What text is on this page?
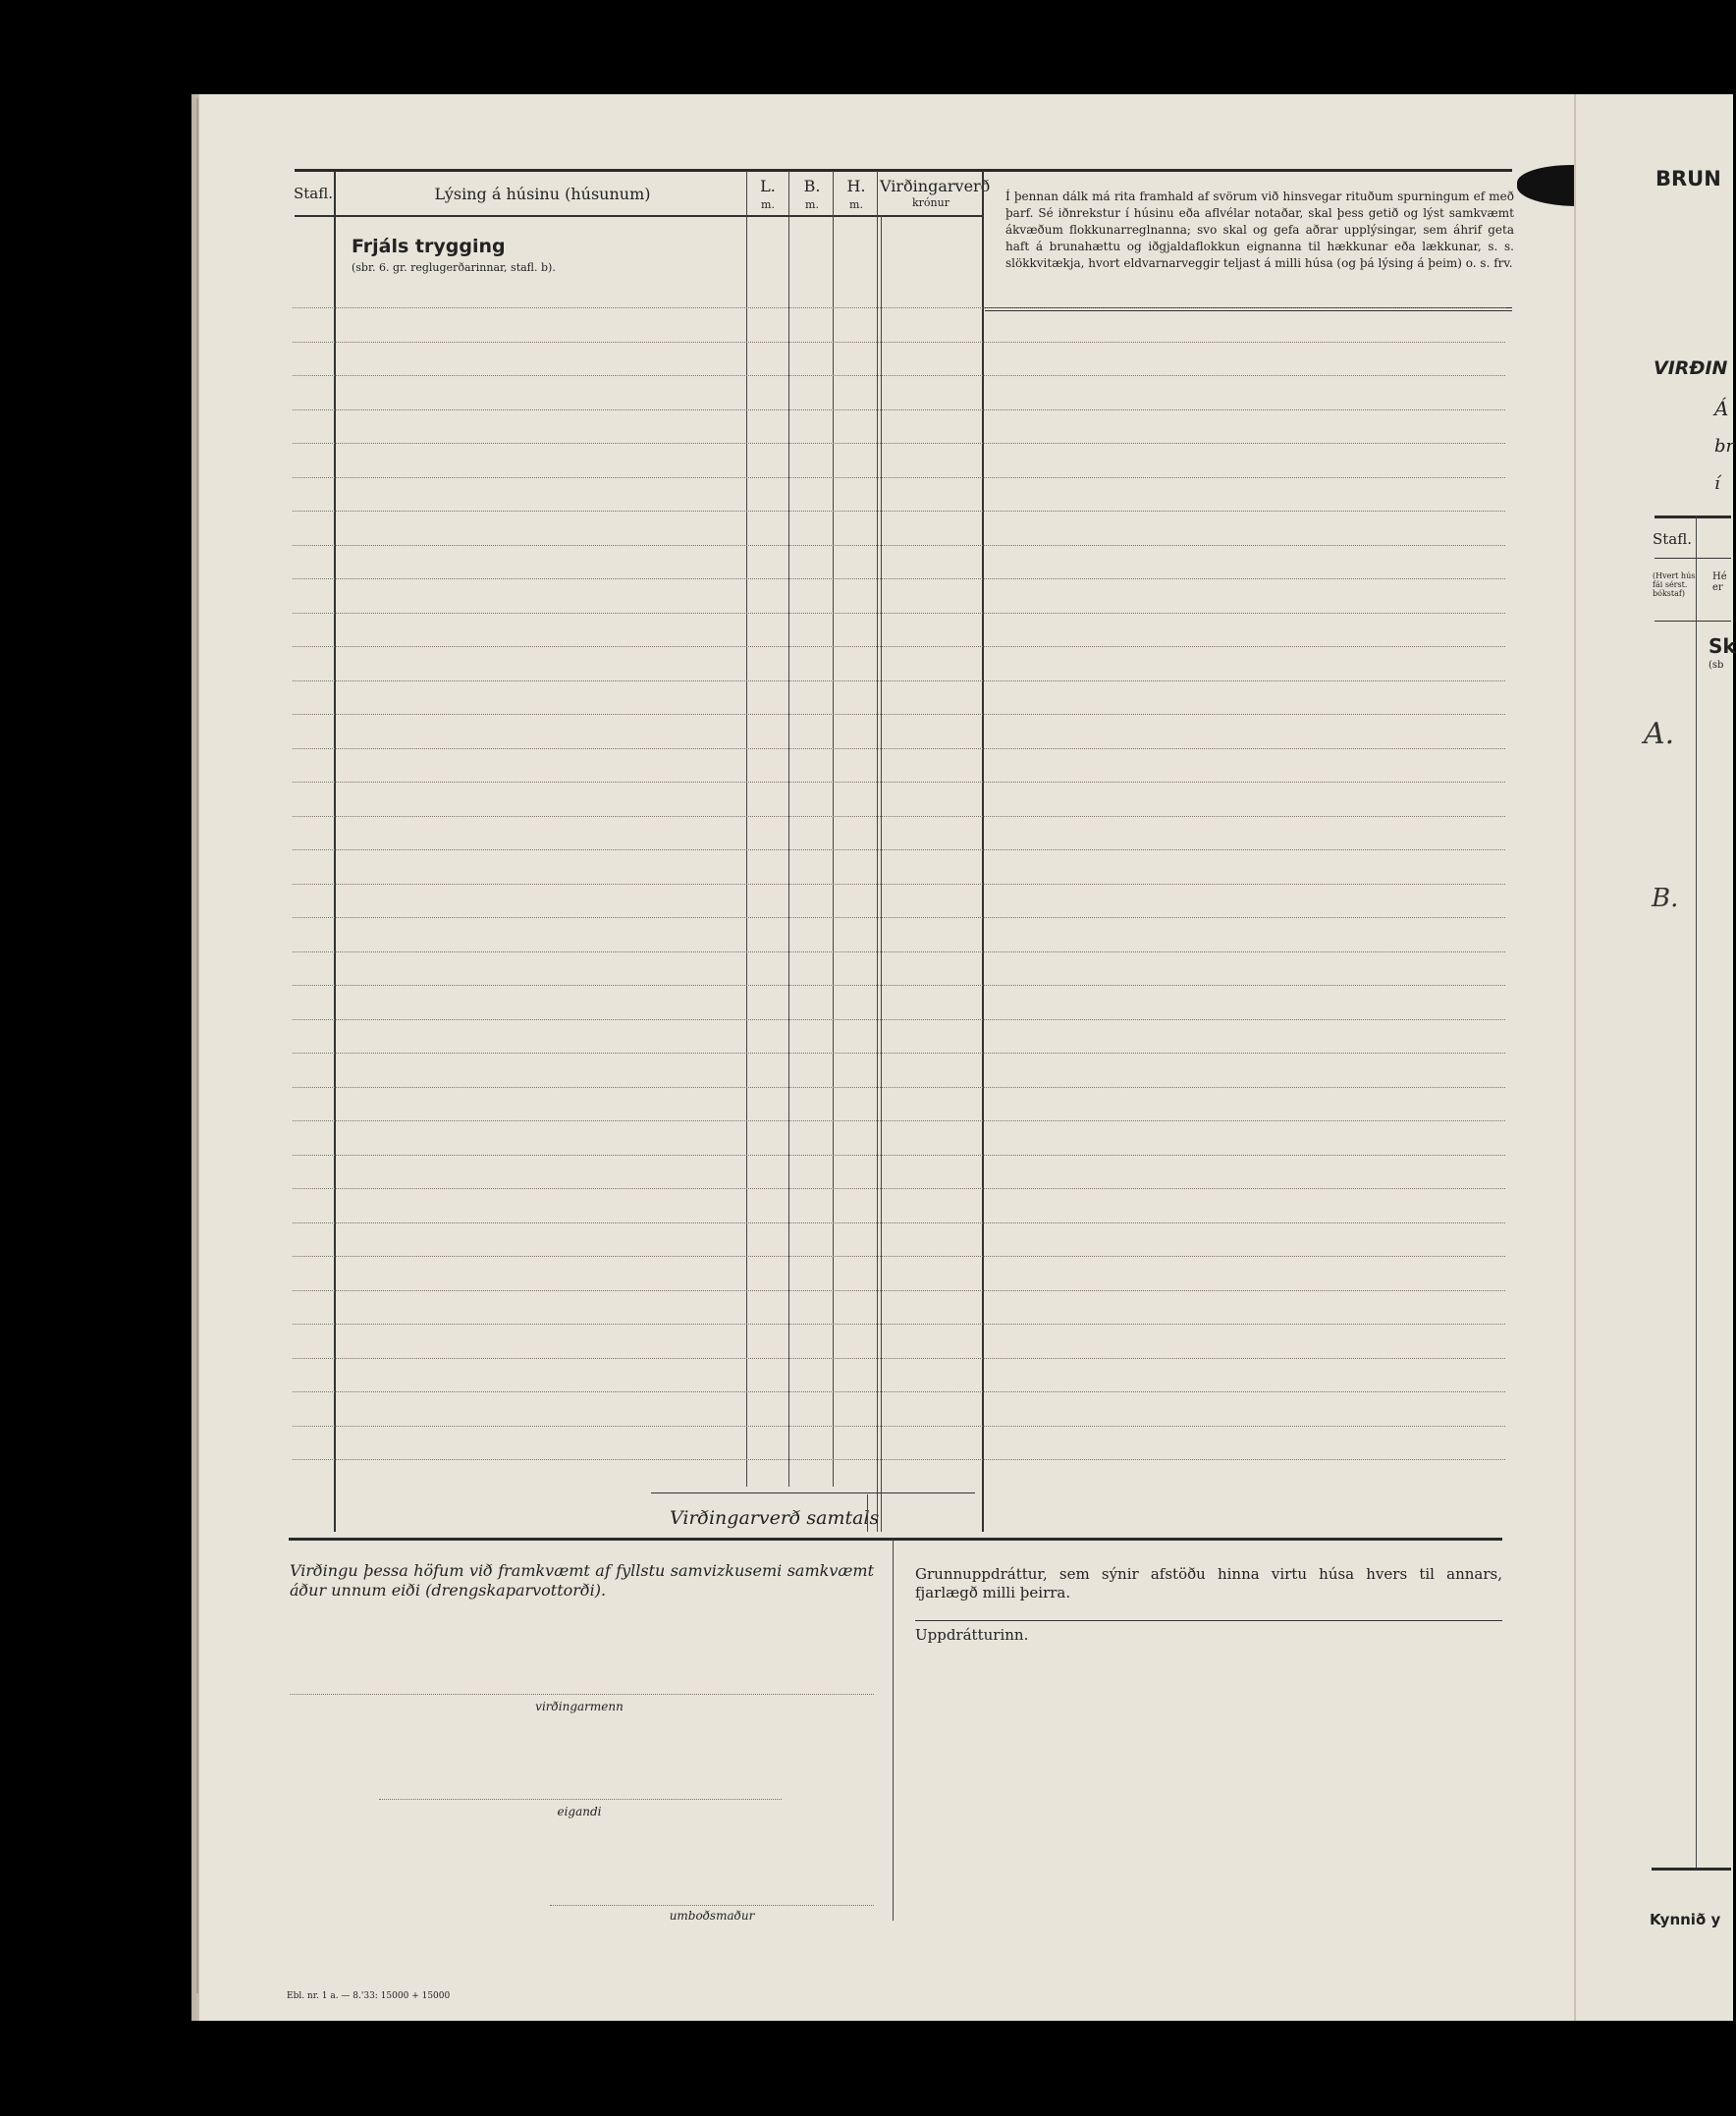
Stafl.	Lýsing á húsinu (húsunum)	L.
m.
B.
m.
H.
m.
Virðingarverð
krónur
Frjáls trygging
(sbr. 6. gr. reglugerðarinnar, stafl. b).
Í þennan dálk má rita framhald af svörum við hinsvegar rituðum spurningum ef með þarf. Sé iðnrekstur í húsinu eða aflvélar notaðar, skal þess getið og lýst samkvæmt ákvæðum flokkunarreglnanna; svo skal og gefa aðrar upplýsingar, sem áhrif geta haft á brunahættu og iðgjaldaflokkun eignanna til hækkunar eða lækkunar, s. s. slökkvitækja, hvort eldvarnarveggir teljast á milli húsa (og þá lýsing á þeim) o. s. frv.
Virðingarverð samtals
Virðingu þessa höfum við framkvæmt af fyllstu samvizkusemi samkvæmt áður unnum eiði (drengskaparvottorði).
virðingarmenn
eigandi
umboðsmaður
Grunnuppdráttur, sem sýnir afstöðu hinna virtu húsa hvers til annars, fjarlægð milli þeirra.
Uppdrátturinn.
Ebl. nr. 1 a. — 8.'33: 15000 + 15000
BRUN
VIRÐIN
Á
br
í
Stafl.
(Hvert hús fái sérst. bókstaf)
Hé er
Sk
(sb
A.
B.
Kynnið y
